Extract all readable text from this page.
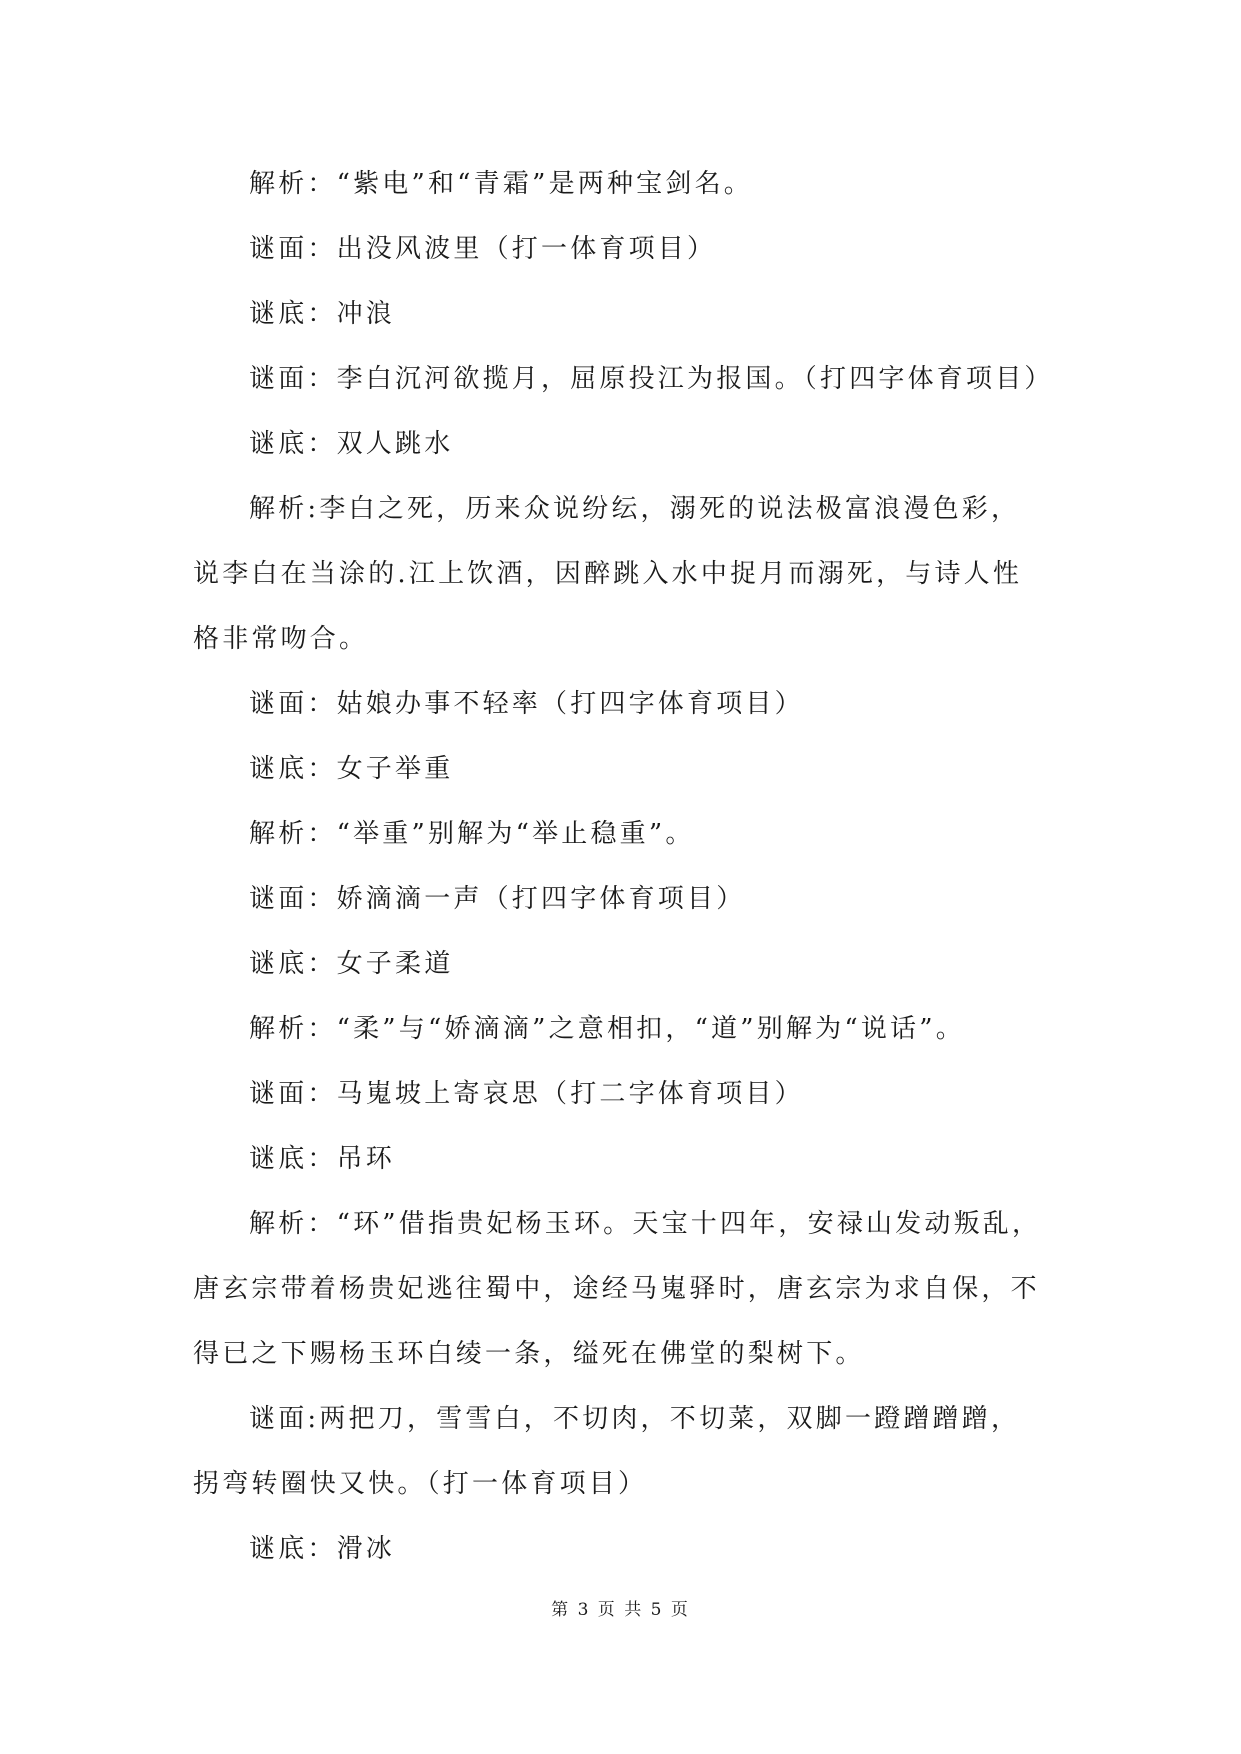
解析：“紫电”和“青霜”是两种宝剑名。

谜面：出没风波里（打一体育项目）

谜底：冲浪

谜面：李白沉河欲揽月，屈原投江为报国。（打四字体育项目）

谜底：双人跳水

解析:李白之死，历来众说纷纭，溺死的说法极富浪漫色彩，说李白在当涂的.江上饮酒，因醉跳入水中捉月而溺死，与诗人性格非常吻合。

谜面：姑娘办事不轻率（打四字体育项目）

谜底：女子举重

解析：“举重”别解为“举止稳重”。

谜面：娇滴滴一声（打四字体育项目）

谜底：女子柔道

解析：“柔”与“娇滴滴”之意相扣，“道”别解为“说话”。

谜面：马嵬坡上寄哀思（打二字体育项目）

谜底：吊环

解析：“环”借指贵妃杨玉环。天宝十四年，安禄山发动叛乱，唐玄宗带着杨贵妃逃往蜀中，途经马嵬驿时，唐玄宗为求自保，不得已之下赐杨玉环白绫一条，缢死在佛堂的梨树下。

谜面:两把刀，雪雪白，不切肉，不切菜，双脚一蹬蹭蹭蹭，拐弯转圈快又快。（打一体育项目）

谜底：滑冰

第 3 页 共 5 页
